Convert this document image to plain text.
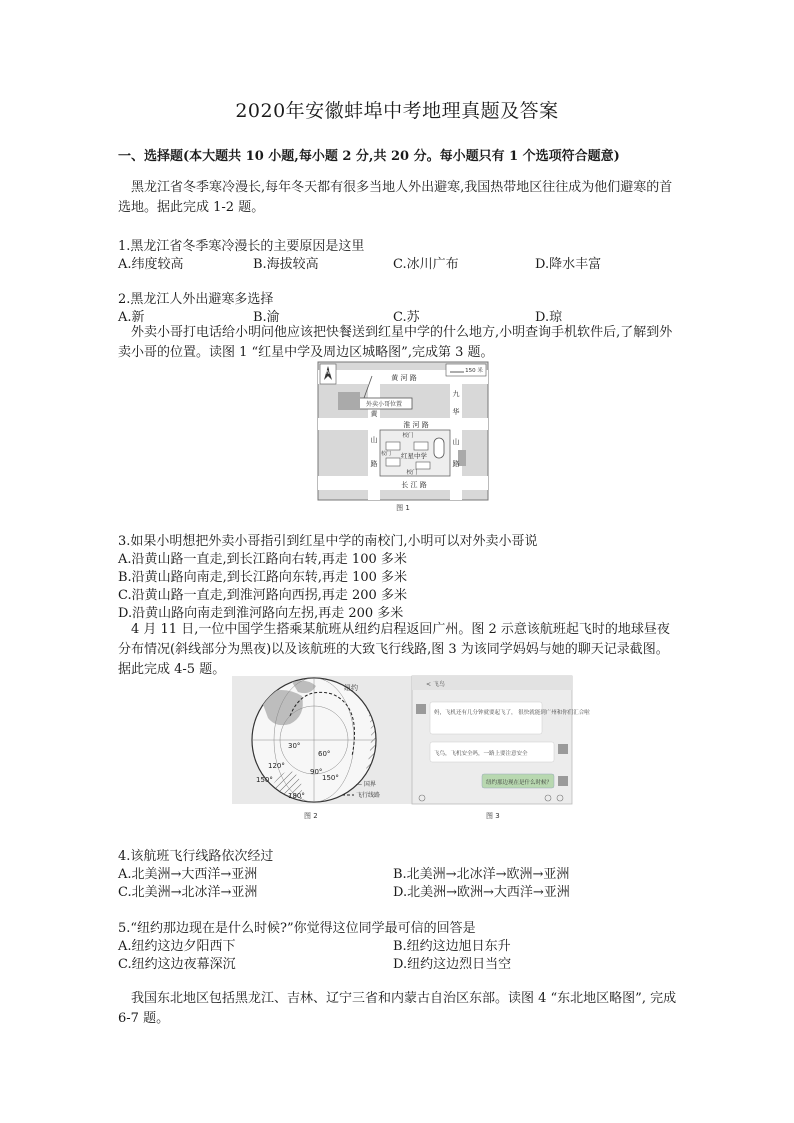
2020年安徽蚌埠中考地理真题及答案
一、选择题(本大题共 10 小题,每小题 2 分,共 20 分。每小题只有 1 个选项符合题意)
黑龙江省冬季寒冷漫长,每年冬天都有很多当地人外出避寒,我国热带地区往往成为他们避寒的首选地。据此完成 1-2 题。
1.黑龙江省冬季寒冷漫长的主要原因是这里
A.纬度较高	B.海拔较高	C.冰川广布	D.降水丰富
2.黑龙江人外出避寒多选择
A.新	B.渝	C.苏	D.琼
外卖小哥打电话给小明问他应该把快餐送到红星中学的什么地方,小明查询手机软件后,了解到外卖小哥的位置。读图 1 “红星中学及周边区城略图”,完成第 3 题。
外卖小哥位置
校门
校门 红星中学
校门
黄 河 路
淮 河 路
长 江 路
黄
山
路
九
华
山
路
N	150 米
图 1
3.如果小明想把外卖小哥指引到红星中学的南校门,小明可以对外卖小哥说
A.沿黄山路一直走,到长江路向右转,再走 100 多米
B.沿黄山路向南走,到长江路向东转,再走 100 多米
C.沿黄山路一直走,到淮河路向西拐,再走 200 多米
D.沿黄山路向南走到淮河路向左拐,再走 200 多米
4 月 11 日,一位中国学生搭乘某航班从纽约启程返回广州。图 2 示意该航班起飞时的地球昼夜分布情况(斜线部分为黑夜)以及该航班的大致飞行线路,图 3 为该同学妈妈与她的聊天记录截图。据此完成 4-5 题。
30°
60°
90°
120°
150°	150°
180°
纽约
— 国界
飞行线路
图 2
< 飞鸟
妈，飞机还有几分钟就要起飞了， 很快就能到广州和你们汇合啦
飞鸟，飞机安全吗，一路上要注意安全
纽约那边现在是什么时候？
图 3
4.该航班飞行线路依次经过
A.北美洲→大西洋→亚洲	B.北美洲→北冰洋→欧洲→亚洲
C.北美洲→北冰洋→亚洲	D.北美洲→欧洲→大西洋→亚洲
5.“纽约那边现在是什么时候?”你觉得这位同学最可信的回答是
A.纽约这边夕阳西下	B.纽约这边旭日东升
C.纽约这边夜幕深沉	D.纽约这边烈日当空
我国东北地区包括黑龙江、吉林、辽宁三省和内蒙古自治区东部。读图 4 “东北地区略图”, 完成 6-7 题。
